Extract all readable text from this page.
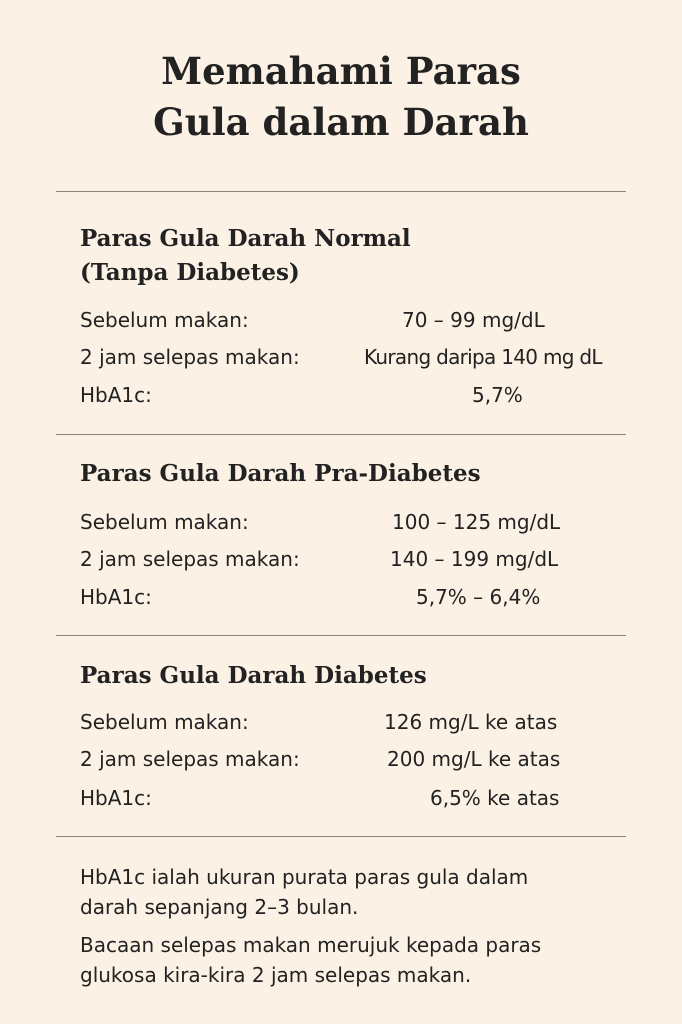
Memahami Paras
Gula dalam Darah
Paras Gula Darah Normal
(Tanpa Diabetes)
Sebelum makan:	70 – 99 mg/dL
2 jam selepas makan:	Kurang daripa 140 mg dL
HbA1c:	5,7%
Paras Gula Darah Pra-Diabetes
Sebelum makan:	100 – 125 mg/dL
2 jam selepas makan:	140 – 199 mg/dL
HbA1c:	5,7% – 6,4%
Paras Gula Darah Diabetes
Sebelum makan:	126 mg/L ke atas
2 jam selepas makan:	200 mg/L ke atas
HbA1c:	6,5% ke atas

HbA1c ialah ukuran purata paras gula dalam
darah sepanjang 2–3 bulan.

Bacaan selepas makan merujuk kepada paras
glukosa kira-kira 2 jam selepas makan.
